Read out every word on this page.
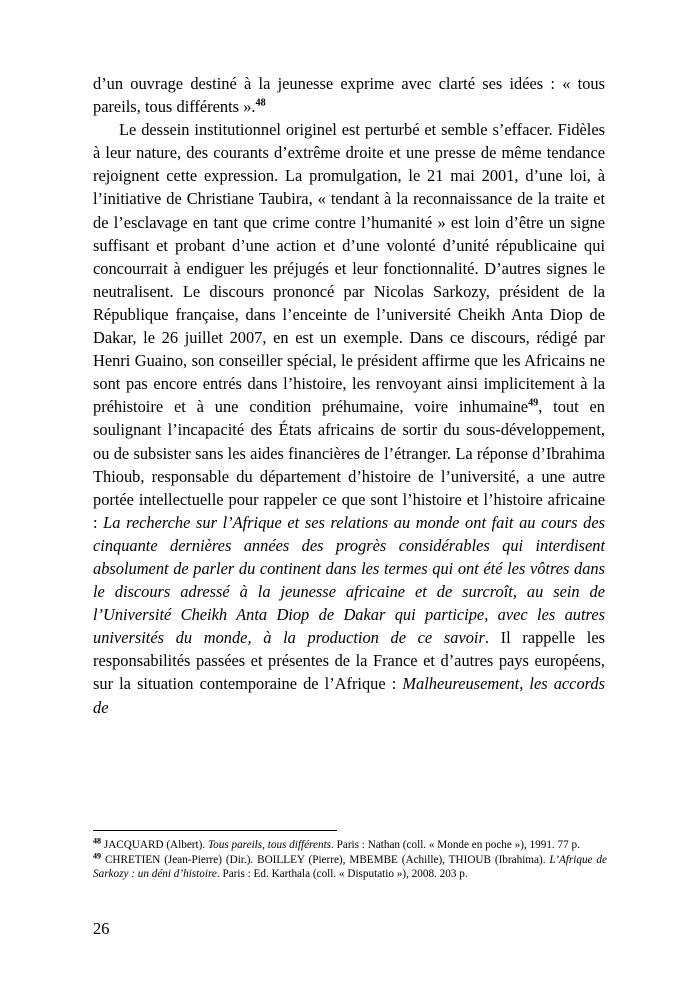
d’un ouvrage destiné à la jeunesse exprime avec clarté ses idées : « tous pareils, tous différents ».$^{48}$

Le dessein institutionnel originel est perturbé et semble s’effacer. Fidèles à leur nature, des courants d’extrême droite et une presse de même tendance rejoignent cette expression. La promulgation, le 21 mai 2001, d’une loi, à l’initiative de Christiane Taubira, « tendant à la reconnaissance de la traite et de l’esclavage en tant que crime contre l’humanité » est loin d’être un signe suffisant et probant d’une action et d’une volonté d’unité républicaine qui concourrait à endiguer les préjugés et leur fonctionnalité. D’autres signes le neutralisent. Le discours prononcé par Nicolas Sarkozy, président de la République française, dans l’enceinte de l’université Cheikh Anta Diop de Dakar, le 26 juillet 2007, en est un exemple. Dans ce discours, rédigé par Henri Guaino, son conseiller spécial, le président affirme que les Africains ne sont pas encore entrés dans l’histoire, les renvoyant ainsi implicitement à la préhistoire et à une condition préhumaine, voire inhumaine$^{49}$, tout en soulignant l’incapacité des États africains de sortir du sous-développement, ou de subsister sans les aides financières de l’étranger. La réponse d’Ibrahima Thioub, responsable du département d’histoire de l’université, a une autre portée intellectuelle pour rappeler ce que sont l’histoire et l’histoire africaine : La recherche sur l’Afrique et ses relations au monde ont fait au cours des cinquante dernières années des progrès considérables qui interdisent absolument de parler du continent dans les termes qui ont été les vôtres dans le discours adressé à la jeunesse africaine et de surcroît, au sein de l’Université Cheikh Anta Diop de Dakar qui participe, avec les autres universités du monde, à la production de ce savoir. Il rappelle les responsabilités passées et présentes de la France et d’autres pays européens, sur la situation contemporaine de l’Afrique : Malheureusement, les accords de

$^{48}$ JACQUARD (Albert). Tous pareils, tous différents. Paris : Nathan (coll. « Monde en poche »), 1991. 77 p.

$^{49}$ CHRETIEN (Jean-Pierre) (Dir.). BOILLEY (Pierre), MBEMBE (Achille), THIOUB (Ibrahima). L’Afrique de Sarkozy : un déni d’histoire. Paris : Ed. Karthala (coll. « Disputatio »), 2008. 203 p.

26
